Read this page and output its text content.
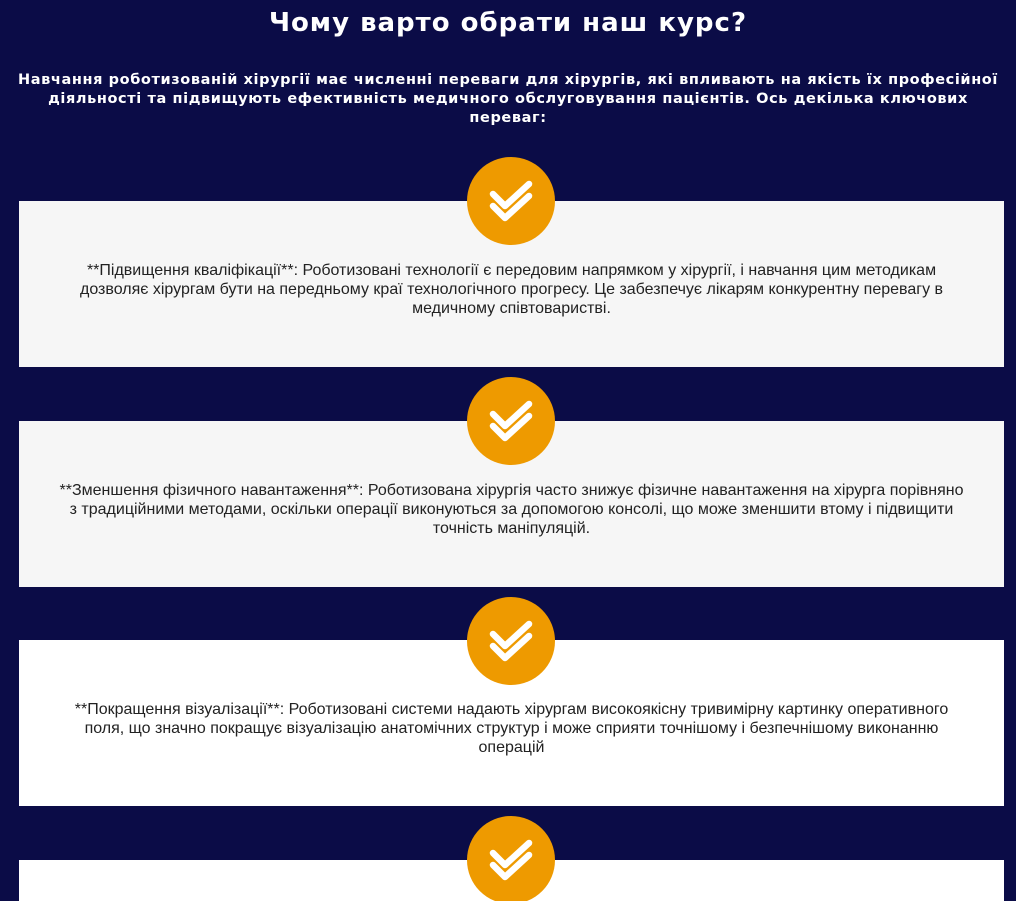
Чому варто обрати наш курс?

Навчання роботизованій хірургії має численні переваги для хірургів, які впливають на якість їх професійної діяльності та підвищують ефективність медичного обслуговування пацієнтів. Ось декілька ключових переваг:

**Підвищення кваліфікації**: Роботизовані технології є передовим напрямком у хірургії, і навчання цим методикам дозволяє хірургам бути на передньому краї технологічного прогресу. Це забезпечує лікарям конкурентну перевагу в медичному співтоваристві.

**Зменшення фізичного навантаження**: Роботизована хірургія часто знижує фізичне навантаження на хірурга порівняно з традиційними методами, оскільки операції виконуються за допомогою консолі, що може зменшити втому і підвищити точність маніпуляцій.

**Покращення візуалізації**: Роботизовані системи надають хірургам високоякісну тривимірну картинку оперативного поля, що значно покращує візуалізацію анатомічних структур і може сприяти точнішому і безпечнішому виконанню операцій
